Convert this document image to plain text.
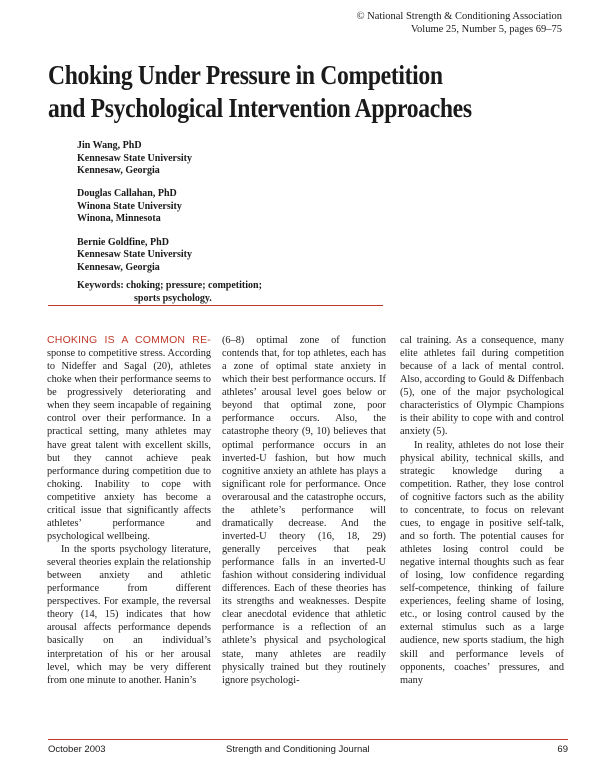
© National Strength & Conditioning Association
Volume 25, Number 5, pages 69–75
Choking Under Pressure in Competition
and Psychological Intervention Approaches
Jin Wang, PhD
Kennesaw State University
Kennesaw, Georgia
Douglas Callahan, PhD
Winona State University
Winona, Minnesota
Bernie Goldfine, PhD
Kennesaw State University
Kennesaw, Georgia
Keywords: choking; pressure; competition;
sports psychology.

CHOKING IS A COMMON RE- sponse to competitive stress. According to Nideffer and Sagal (20), athletes choke when their performance seems to be progressively deteriorating and when they seem incapable of regaining control over their performance. In a practical setting, many athletes may have great talent with excellent skills, but they cannot achieve peak performance during competition due to choking. Inability to cope with competitive anxiety has become a critical issue that significantly affects athletes’ performance and psychological wellbeing.

In the sports psychology literature, several theories explain the relationship between anxiety and athletic performance from different perspectives. For example, the reversal theory (14, 15) indicates that how arousal affects performance depends basically on an individual’s interpretation of his or her arousal level, which may be very different from one minute to another. Hanin’s

(6–8) optimal zone of function contends that, for top athletes, each has a zone of optimal state anxiety in which their best performance occurs. If athletes’ arousal level goes below or beyond that optimal zone, poor performance occurs. Also, the catastrophe theory (9, 10) believes that optimal performance occurs in an inverted-U fashion, but how much cognitive anxiety an athlete has plays a significant role for performance. Once overarousal and the catastrophe occurs, the athlete’s performance will dramatically decrease. And the inverted-U theory (16, 18, 29) generally perceives that peak performance falls in an inverted-U fashion without considering individual differences. Each of these theories has its strengths and weaknesses. Despite clear anecdotal evidence that athletic performance is a reflection of an athlete’s physical and psychological state, many athletes are readily physically trained but they routinely ignore psychologi-

cal training. As a consequence, many elite athletes fail during competition because of a lack of mental control. Also, according to Gould & Diffenbach (5), one of the major psychological characteristics of Olympic Champions is their ability to cope with and control anxiety (5).

In reality, athletes do not lose their physical ability, technical skills, and strategic knowledge during a competition. Rather, they lose control of cognitive factors such as the ability to concentrate, to focus on relevant cues, to engage in positive self-talk, and so forth. The potential causes for athletes losing control could be negative internal thoughts such as fear of losing, low confidence regarding self-competence, thinking of failure experiences, feeling shame of losing, etc., or losing control caused by the external stimulus such as a large audience, new sports stadium, the high skill and performance levels of opponents, coaches’ pressures, and many

October 2003	Strength and Conditioning Journal	69
